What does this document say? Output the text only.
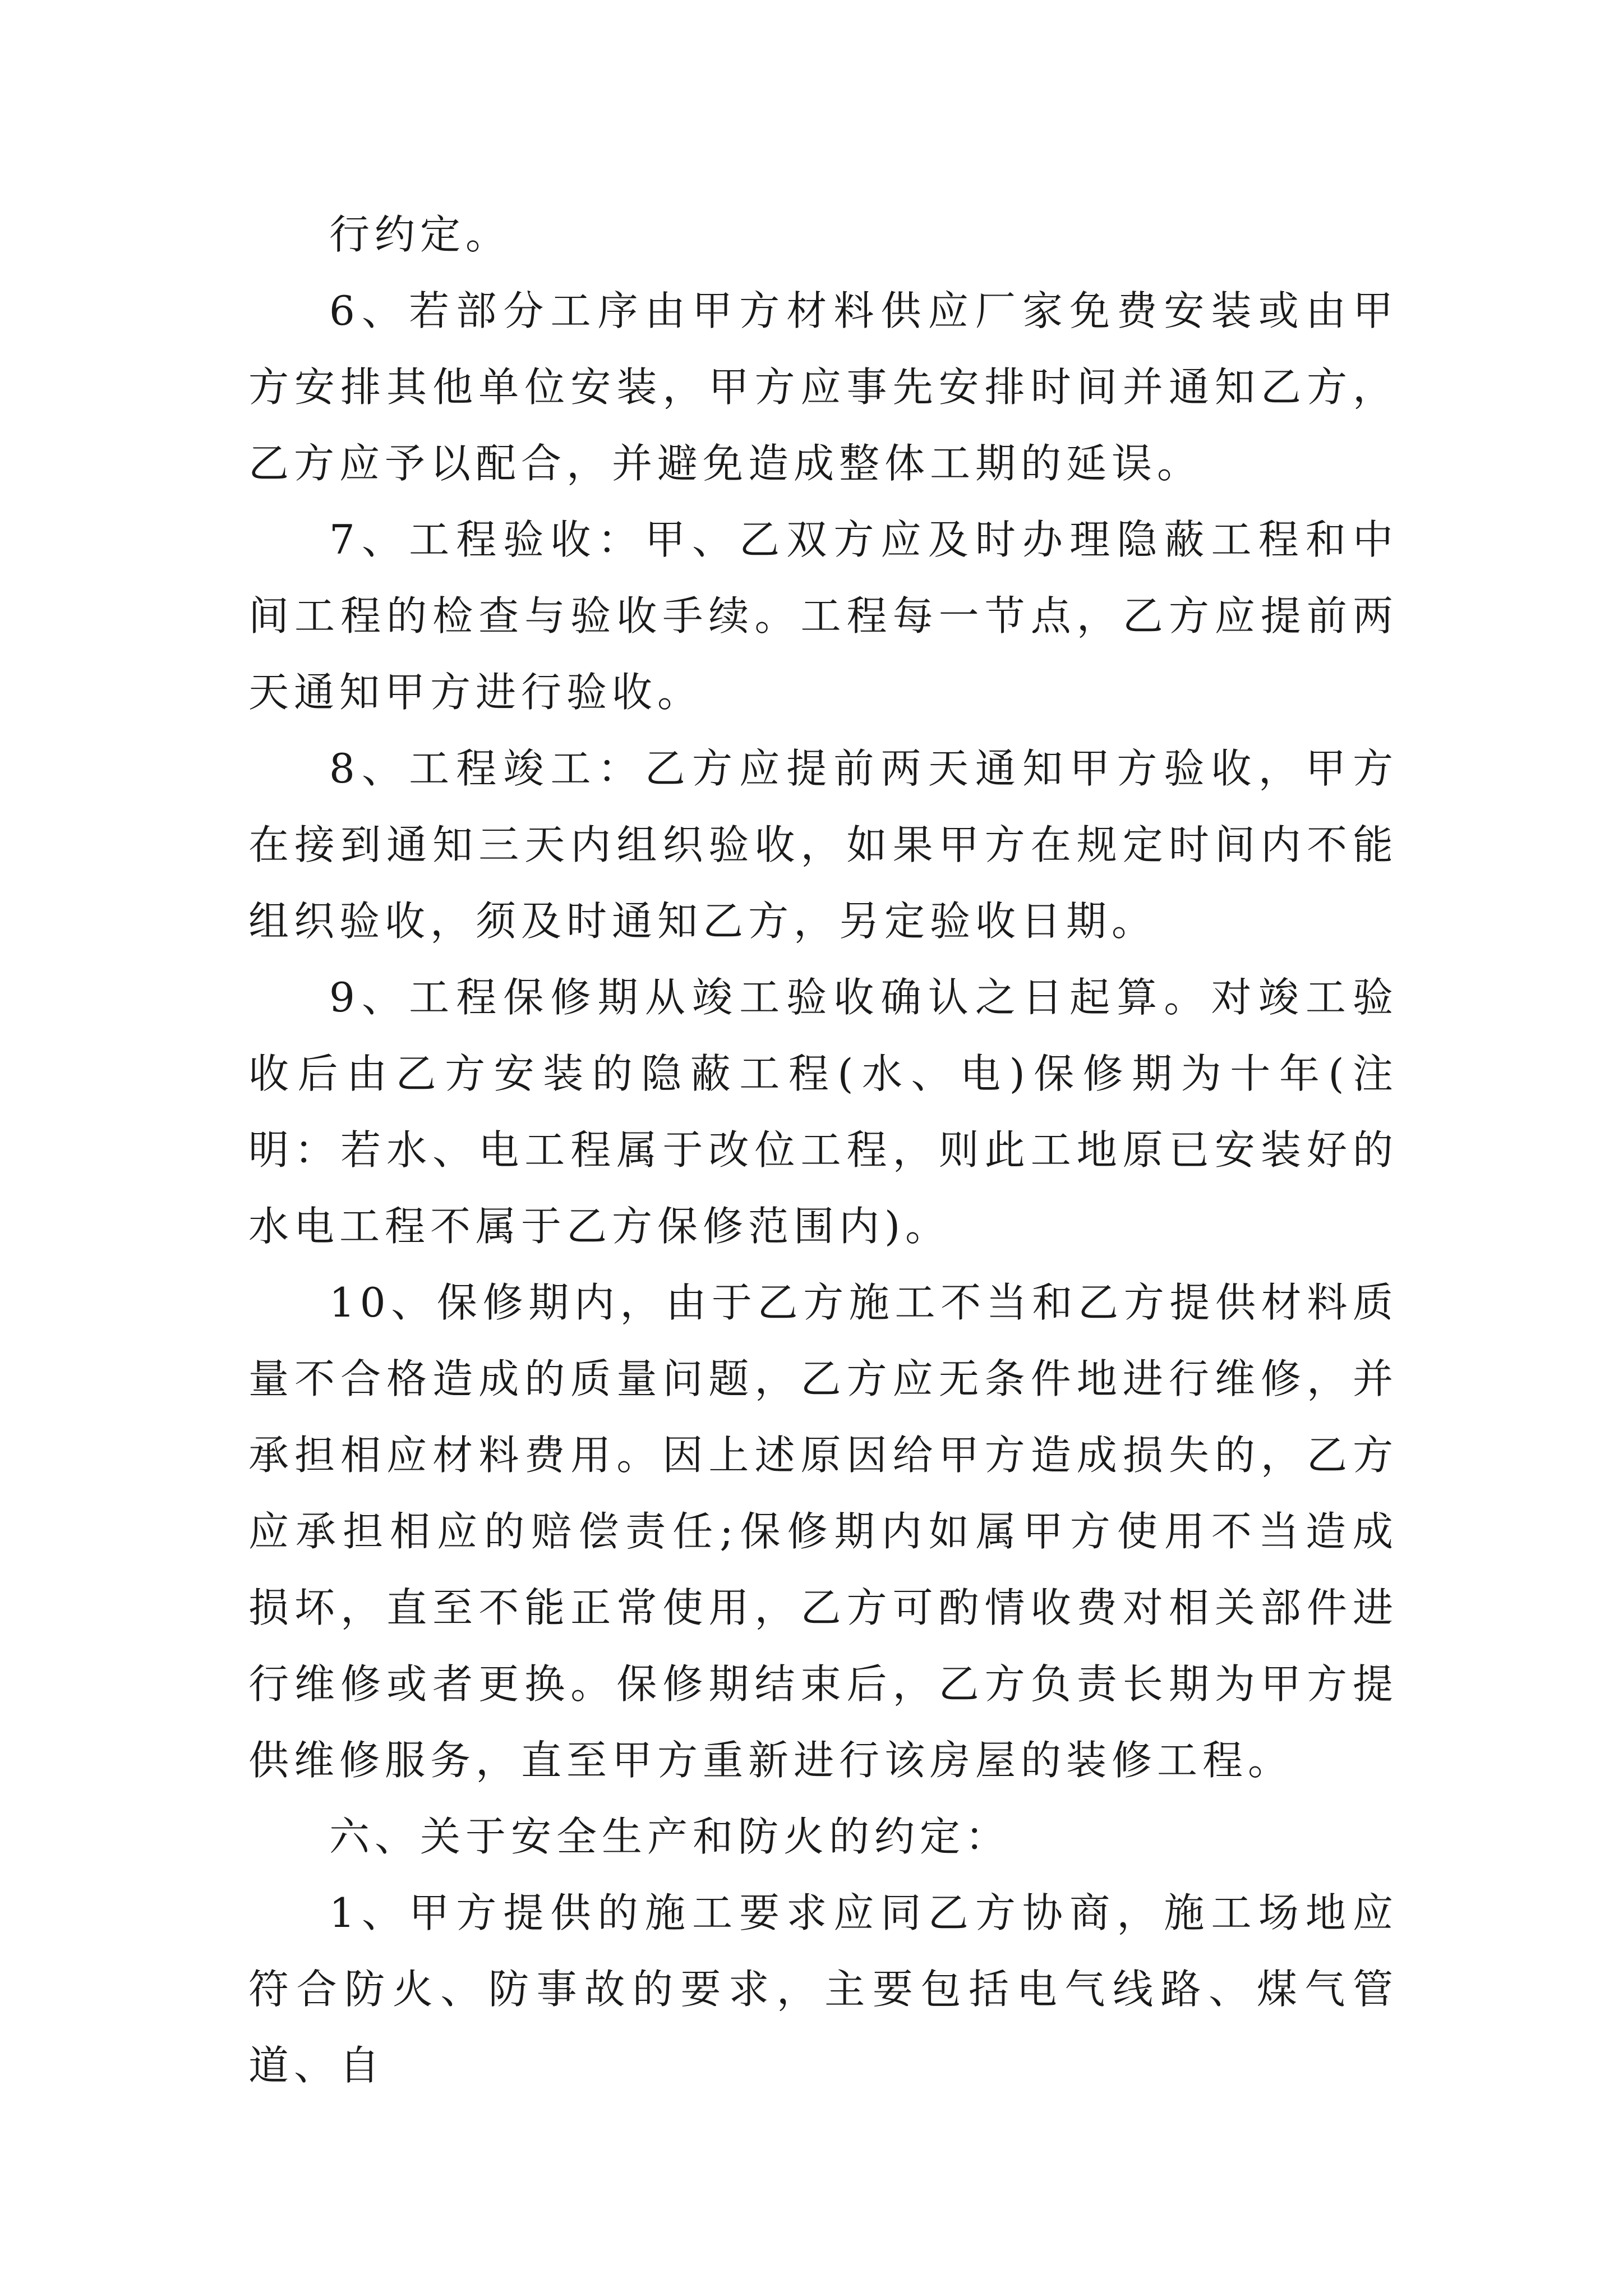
行约定。

6、若部分工序由甲方材料供应厂家免费安装或由甲方安排其他单位安装，甲方应事先安排时间并通知乙方，乙方应予以配合，并避免造成整体工期的延误。

7、工程验收：甲、乙双方应及时办理隐蔽工程和中间工程的检查与验收手续。工程每一节点，乙方应提前两天通知甲方进行验收。

8、工程竣工：乙方应提前两天通知甲方验收，甲方在接到通知三天内组织验收，如果甲方在规定时间内不能组织验收，须及时通知乙方，另定验收日期。

9、工程保修期从竣工验收确认之日起算。对竣工验收后由乙方安装的隐蔽工程(水、电)保修期为十年(注明：若水、电工程属于改位工程，则此工地原已安装好的水电工程不属于乙方保修范围内)。

10、保修期内，由于乙方施工不当和乙方提供材料质量不合格造成的质量问题，乙方应无条件地进行维修，并承担相应材料费用。因上述原因给甲方造成损失的，乙方应承担相应的赔偿责任;保修期内如属甲方使用不当造成损坏，直至不能正常使用，乙方可酌情收费对相关部件进行维修或者更换。保修期结束后，乙方负责长期为甲方提供维修服务，直至甲方重新进行该房屋的装修工程。

六、关于安全生产和防火的约定：

1、甲方提供的施工要求应同乙方协商，施工场地应符合防火、防事故的要求，主要包括电气线路、煤气管道、自
